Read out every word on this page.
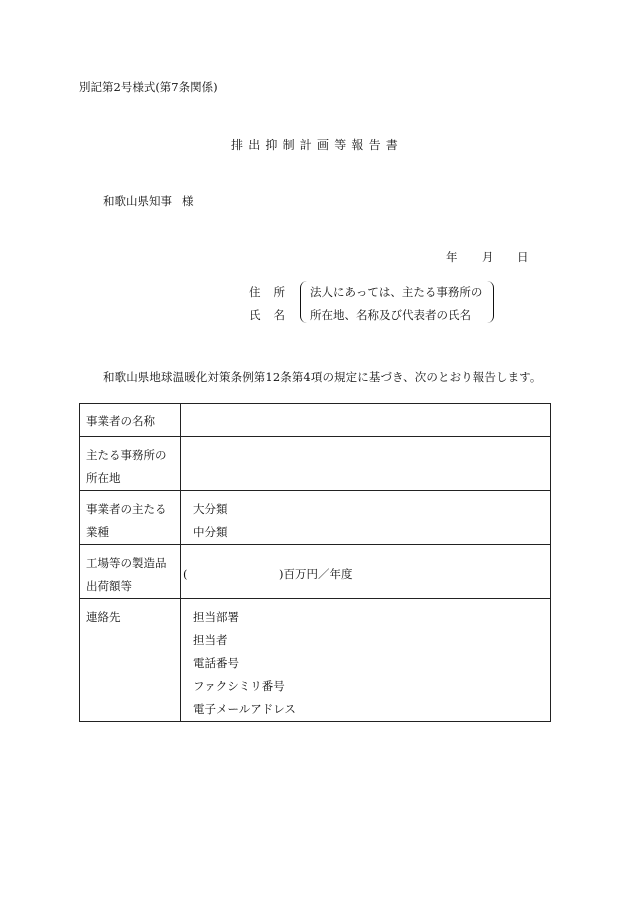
別記第2号様式(第7条関係)
排出抑制計画等報告書
和歌山県知事 様
年 月 日
住所
氏名
法人にあっては、主たる事務所の
所在地、名称及び代表者の氏名
和歌山県地球温暖化対策条例第12条第4項の規定に基づき、次のとおり報告します。
事業者の名称	

主たる事務所の
所在地	

事業者の主たる
業種	大分類
中分類

工場等の製造品
出荷額等	( )百万円／年度

連絡先	担当部署
担当者
電話番号
ファクシミリ番号
電子メールアドレス
